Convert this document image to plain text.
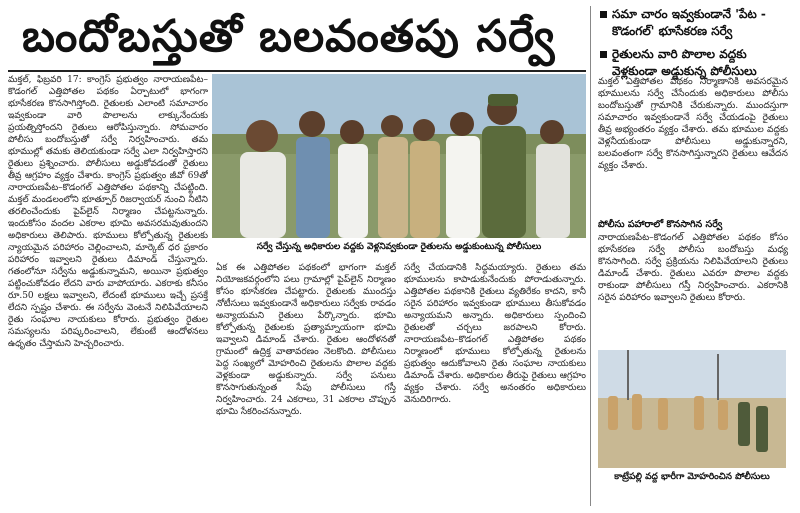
బందోబస్తుతో బలవంతపు సర్వే	సమా చారం ఇవ్వకుండానే 'పేట - కొడంగల్' భూసేకరణ సర్వే
రైతులను వారి పొలాల వద్దకు వెళ్లకుండా అడ్డుకున్న పోలీసులు
మక్తల్ ఎత్తిపోతల పథకం నిర్మాణానికి అవసరమైన భూములను సర్వే చేసేందుకు అధికారులు పోలీసు బందోబస్తుతో గ్రామానికి చేరుకున్నారు. ముందస్తుగా సమాచారం ఇవ్వకుండానే సర్వే చేయడంపై రైతులు తీవ్ర అభ్యంతరం వ్యక్తం చేశారు. తమ భూముల వద్దకు వెళ్లనీయకుండా పోలీసులు అడ్డుకున్నారని, బలవంతంగా సర్వే కొనసాగిస్తున్నారని రైతులు ఆవేదన వ్యక్తం చేశారు.
పోలీసు పహారాలో కొనసాగిన సర్వే
నారాయణపేట–కొడంగల్ ఎత్తిపోతల పథకం కోసం భూసేకరణ సర్వే పోలీసు బందోబస్తు మధ్య కొనసాగింది. సర్వే ప్రక్రియను నిలిపివేయాలని రైతులు డిమాండ్ చేశారు. రైతులు ఎవరూ పొలాల వద్దకు రాకుండా పోలీసులు గస్తీ నిర్వహించారు. ఎకరానికి సరైన పరిహారం ఇవ్వాలని రైతులు కోరారు.
మక్తల్, ఫిబ్రవరి 17: కాంగ్రెస్ ప్రభుత్వం నారాయణపేట–కొడంగల్ ఎత్తిపోతల పథకం ఏర్పాటులో భాగంగా భూసేకరణ కొనసాగిస్తోంది. రైతులకు ఎలాంటి సమాచారం ఇవ్వకుండా వారి పొలాలను లాక్కునేందుకు ప్రయత్నిస్తోందని రైతులు ఆరోపిస్తున్నారు. సోమవారం పోలీసు బందోబస్తుతో సర్వే నిర్వహించారు. తమ భూముల్లో తమకు తెలియకుండా సర్వే ఎలా నిర్వహిస్తారని రైతులు ప్రశ్నించారు. పోలీసులు అడ్డుకోవడంతో రైతులు తీవ్ర ఆగ్రహం వ్యక్తం చేశారు. కాంగ్రెస్ ప్రభుత్వం జీవో 69తో నారాయణపేట–కొడంగల్ ఎత్తిపోతల పథకాన్ని చేపట్టింది. మక్తల్ మండలంలోని భూత్పూర్ రిజర్వాయర్ నుంచి నీటిని తరలించేందుకు పైప్‌లైన్ నిర్మాణం చేపట్టనున్నారు. ఇందుకోసం వందల ఎకరాల భూమి అవసరమవుతుందని అధికారులు తెలిపారు. భూములు కోల్పోతున్న రైతులకు న్యాయమైన పరిహారం చెల్లించాలని, మార్కెట్ ధర ప్రకారం పరిహారం ఇవ్వాలని రైతులు డిమాండ్ చేస్తున్నారు. గతంలోనూ సర్వేను అడ్డుకున్నామని, అయినా ప్రభుత్వం పట్టించుకోవడం లేదని వారు వాపోయారు. ఎకరాకు కనీసం రూ.50 లక్షలు ఇవ్వాలని, లేదంటే భూములు ఇచ్చే ప్రసక్తే లేదని స్పష్టం చేశారు. ఈ సర్వేను వెంటనే నిలిపివేయాలని రైతు సంఘాల నాయకులు కోరారు. ప్రభుత్వం రైతుల సమస్యలను పరిష్కరించాలని, లేకుంటే ఆందోళనలు ఉధృతం చేస్తామని హెచ్చరించారు.
సర్వే చేస్తున్న అధికారుల వద్దకు వెళ్లనివ్వకుండా రైతులను అడ్డుకుంటున్న పోలీసులు
ఏక ఈ ఎత్తిపోతల పథకంలో భాగంగా మక్తల్ నియోజకవర్గంలోని పలు గ్రామాల్లో పైప్‌లైన్ నిర్మాణం కోసం భూసేకరణ చేపట్టారు. రైతులకు ముందస్తు నోటీసులు ఇవ్వకుండానే అధికారులు సర్వేకు రావడం అన్యాయమని రైతులు పేర్కొన్నారు. భూమి కోల్పోతున్న రైతులకు ప్రత్యామ్నాయంగా భూమి ఇవ్వాలని డిమాండ్ చేశారు. రైతుల ఆందోళనతో గ్రామంలో ఉద్రిక్త వాతావరణం నెలకొంది. పోలీసులు పెద్ద సంఖ్యలో మోహరించి రైతులను పొలాల వద్దకు వెళ్లకుండా అడ్డుకున్నారు. సర్వే పనులు కొనసాగుతున్నంత సేపు పోలీసులు గస్తీ నిర్వహించారు. 24 ఎకరాలు, 31 ఎకరాల చొప్పున భూమి సేకరించనున్నారు.
సర్వే చేయడానికి సిద్ధమయ్యారు. రైతులు తమ భూములను కాపాడుకునేందుకు పోరాడుతున్నారు. ఎత్తిపోతల పథకానికి రైతులు వ్యతిరేకం కాదని, కానీ సరైన పరిహారం ఇవ్వకుండా భూములు తీసుకోవడం అన్యాయమని అన్నారు. అధికారులు స్పందించి రైతులతో చర్చలు జరపాలని కోరారు. నారాయణపేట–కొడంగల్ ఎత్తిపోతల పథకం నిర్మాణంలో భూములు కోల్పోతున్న రైతులను ప్రభుత్వం ఆదుకోవాలని రైతు సంఘాల నాయకులు డిమాండ్ చేశారు. అధికారుల తీరుపై రైతులు ఆగ్రహం వ్యక్తం చేశారు. సర్వే అనంతరం అధికారులు వెనుదిరిగారు.
కాట్రేపల్లి వద్ద భారీగా మోహరించిన పోలీసులు
